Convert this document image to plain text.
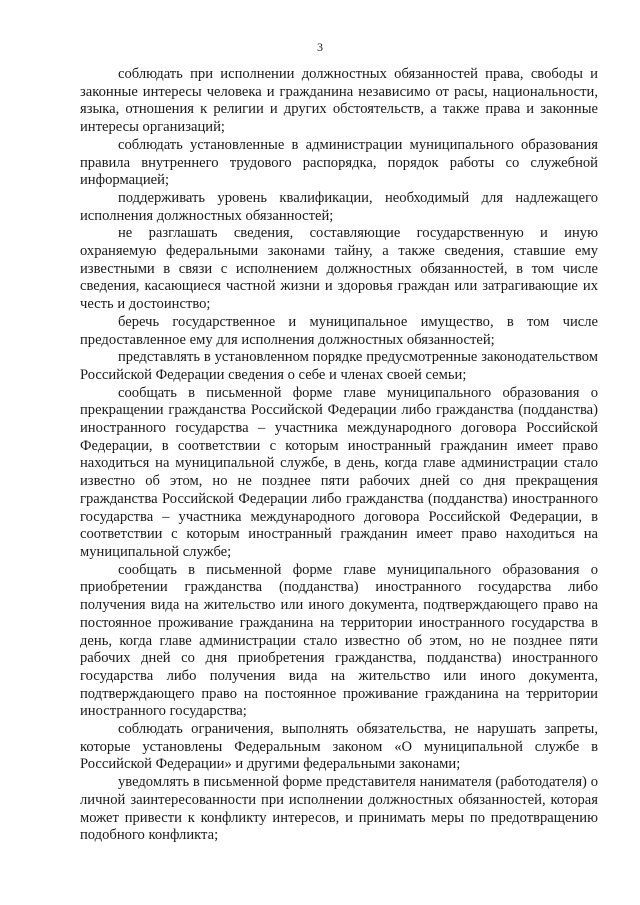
3

соблюдать при исполнении должностных обязанностей права, свободы и законные интересы человека и гражданина независимо от расы, национальности, языка, отношения к религии и других обстоятельств, а также права и законные интересы организаций;

соблюдать установленные в администрации муниципального образования правила внутреннего трудового распорядка, порядок работы со служебной информацией;

поддерживать уровень квалификации, необходимый для надлежащего исполнения должностных обязанностей;

не разглашать сведения, составляющие государственную и иную охраняемую федеральными законами тайну, а также сведения, ставшие ему известными в связи с исполнением должностных обязанностей, в том числе сведения, касающиеся частной жизни и здоровья граждан или затрагивающие их честь и достоинство;

беречь государственное и муниципальное имущество, в том числе предоставленное ему для исполнения должностных обязанностей;

представлять в установленном порядке предусмотренные законодательством Российской Федерации сведения о себе и членах своей семьи;

сообщать в письменной форме главе муниципального образования о прекращении гражданства Российской Федерации либо гражданства (подданства) иностранного государства – участника международного договора Российской Федерации, в соответствии с которым иностранный гражданин имеет право находиться на муниципальной службе, в день, когда главе администрации стало известно об этом, но не позднее пяти рабочих дней со дня прекращения гражданства Российской Федерации либо гражданства (подданства) иностранного государства – участника международного договора Российской Федерации, в соответствии с которым иностранный гражданин имеет право находиться на муниципальной службе;

сообщать в письменной форме главе муниципального образования о приобретении гражданства (подданства) иностранного государства либо получения вида на жительство или иного документа, подтверждающего право на постоянное проживание гражданина на территории иностранного государства в день, когда главе администрации стало известно об этом, но не позднее пяти рабочих дней со дня приобретения гражданства, подданства) иностранного государства либо получения вида на жительство или иного документа, подтверждающего право на постоянное проживание гражданина на территории иностранного государства;

соблюдать ограничения, выполнять обязательства, не нарушать запреты, которые установлены Федеральным законом «О муниципальной службе в Российской Федерации» и другими федеральными законами;

уведомлять в письменной форме представителя нанимателя (работодателя) о личной заинтересованности при исполнении должностных обязанностей, которая может привести к конфликту интересов, и принимать меры по предотвращению подобного конфликта;
